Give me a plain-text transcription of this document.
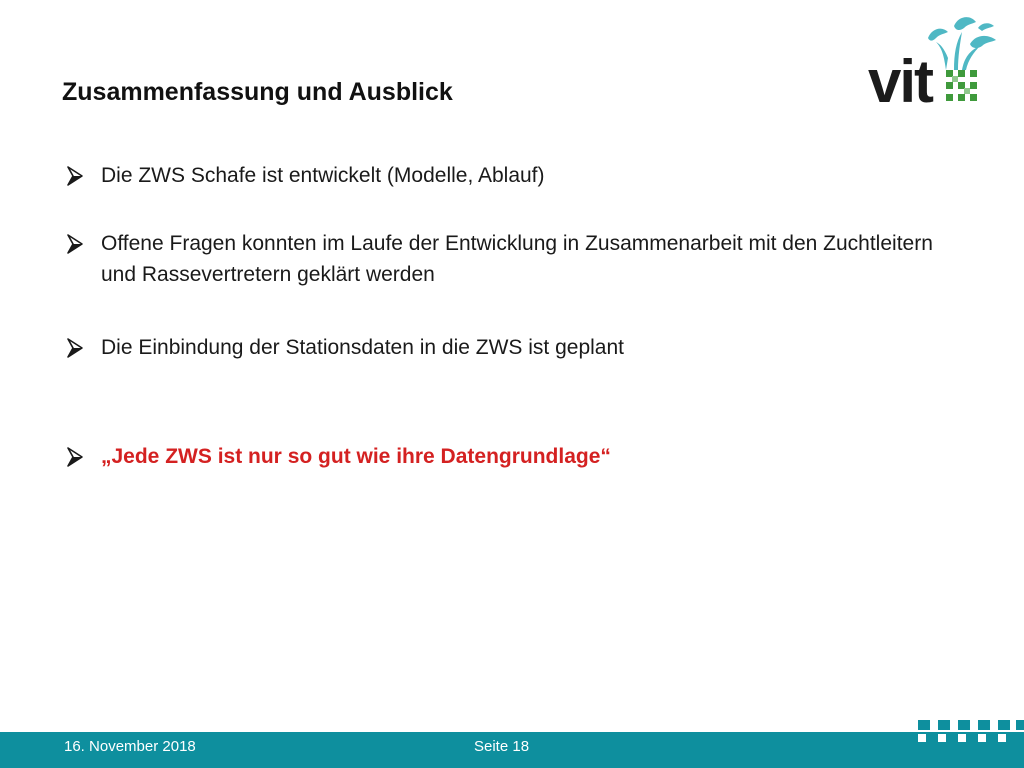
Zusammenfassung und Ausblick	vit
Die ZWS Schafe ist entwickelt (Modelle, Ablauf)
Offene Fragen konnten im Laufe der Entwicklung in Zusammenarbeit mit den Zuchtleitern und Rassevertretern geklärt werden
Die Einbindung der Stationsdaten in die ZWS ist geplant
„Jede ZWS ist nur so gut wie ihre Datengrundlage“
16. November 2018	Seite 18
